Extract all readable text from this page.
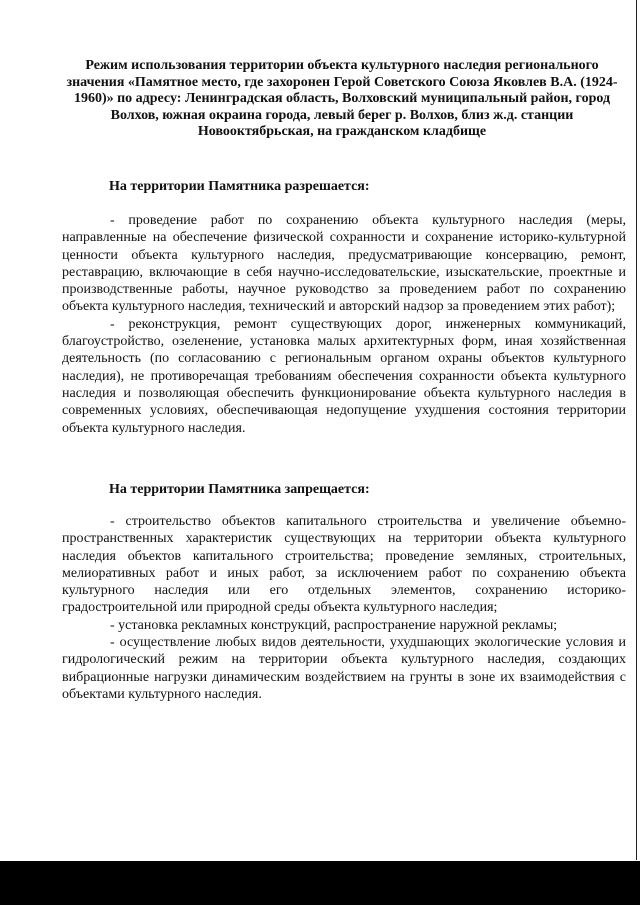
Режим использования территории объекта культурного наследия регионального значения «Памятное место, где захоронен Герой Советского Союза Яковлев В.А. (1924-1960)» по адресу: Ленинградская область, Волховский муниципальный район, город Волхов, южная окраина города, левый берег р. Волхов, близ ж.д. станции Новооктябрьская, на гражданском кладбище
На территории Памятника разрешается:

- проведение работ по сохранению объекта культурного наследия (меры, направленные на обеспечение физической сохранности и сохранение историко-культурной ценности объекта культурного наследия, предусматривающие консервацию, ремонт, реставрацию, включающие в себя научно-исследовательские, изыскательские, проектные и производственные работы, научное руководство за проведением работ по сохранению объекта культурного наследия, технический и авторский надзор за проведением этих работ);

- реконструкция, ремонт существующих дорог, инженерных коммуникаций, благоустройство, озеленение, установка малых архитектурных форм, иная хозяйственная деятельность (по согласованию с региональным органом охраны объектов культурного наследия), не противоречащая требованиям обеспечения сохранности объекта культурного наследия и позволяющая обеспечить функционирование объекта культурного наследия в современных условиях, обеспечивающая недопущение ухудшения состояния территории объекта культурного наследия.

На территории Памятника запрещается:

- строительство объектов капитального строительства и увеличение объемно-пространственных характеристик существующих на территории объекта культурного наследия объектов капитального строительства; проведение земляных, строительных, мелиоративных работ и иных работ, за исключением работ по сохранению объекта культурного наследия или его отдельных элементов, сохранению историко-градостроительной или природной среды объекта культурного наследия;

- установка рекламных конструкций, распространение наружной рекламы;

- осуществление любых видов деятельности, ухудшающих экологические условия и гидрологический режим на территории объекта культурного наследия, создающих вибрационные нагрузки динамическим воздействием на грунты в зоне их взаимодействия с объектами культурного наследия.
